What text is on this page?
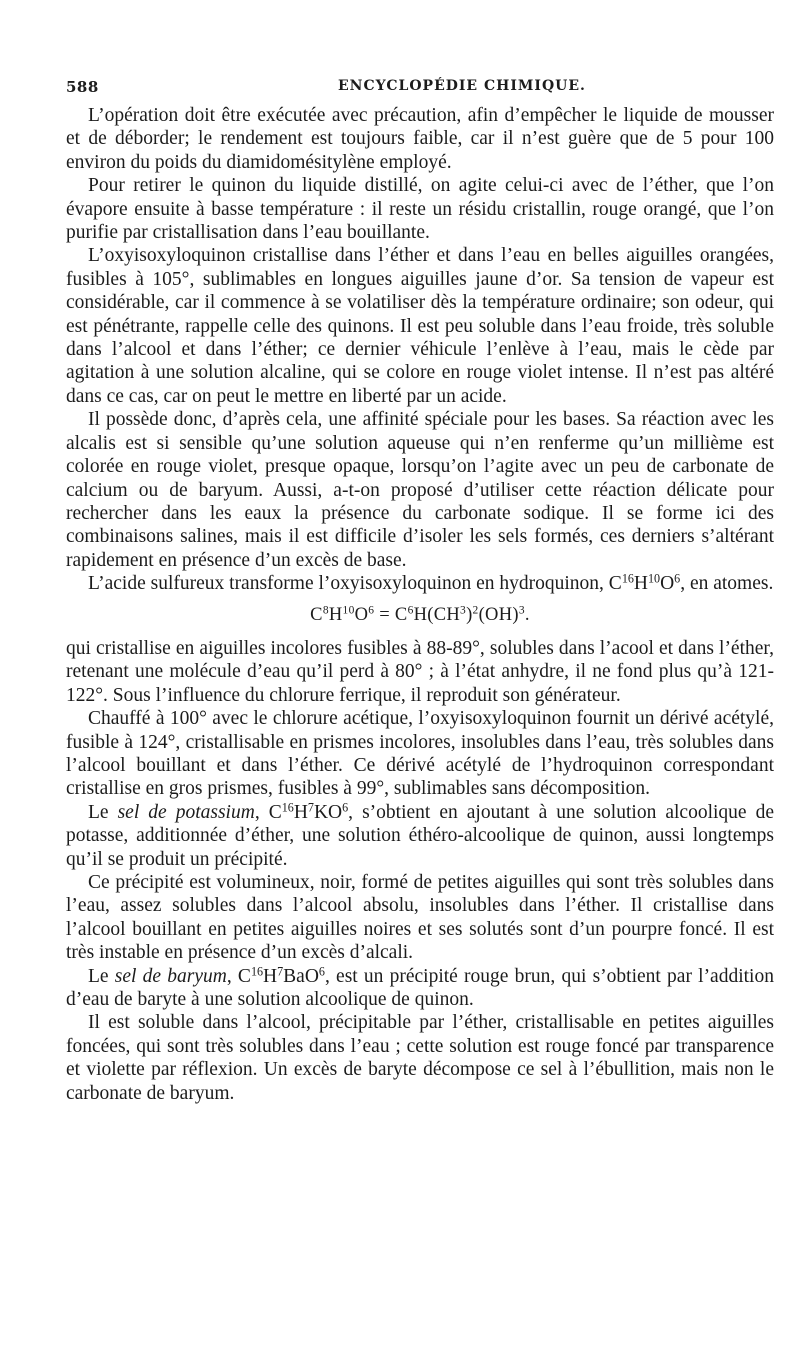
588	ENCYCLOPÉDIE CHIMIQUE.

L’opération doit être exécutée avec précaution, afin d’empêcher le liquide de mousser et de déborder; le rendement est toujours faible, car il n’est guère que de 5 pour 100 environ du poids du diamidomésitylène employé.

Pour retirer le quinon du liquide distillé, on agite celui-ci avec de l’éther, que l’on évapore ensuite à basse température : il reste un résidu cristallin, rouge orangé, que l’on purifie par cristallisation dans l’eau bouillante.

L’oxyisoxyloquinon cristallise dans l’éther et dans l’eau en belles aiguilles orangées, fusibles à 105°, sublimables en longues aiguilles jaune d’or. Sa tension de vapeur est considérable, car il commence à se volatiliser dès la température ordinaire; son odeur, qui est pénétrante, rappelle celle des quinons. Il est peu soluble dans l’eau froide, très soluble dans l’alcool et dans l’éther; ce dernier véhicule l’enlève à l’eau, mais le cède par agitation à une solution alcaline, qui se colore en rouge violet intense. Il n’est pas altéré dans ce cas, car on peut le mettre en liberté par un acide.

Il possède donc, d’après cela, une affinité spéciale pour les bases. Sa réaction avec les alcalis est si sensible qu’une solution aqueuse qui n’en renferme qu’un millième est colorée en rouge violet, presque opaque, lorsqu’on l’agite avec un peu de carbonate de calcium ou de baryum. Aussi, a-t-on proposé d’utiliser cette réaction délicate pour rechercher dans les eaux la présence du carbonate sodique. Il se forme ici des combinaisons salines, mais il est difficile d’isoler les sels formés, ces derniers s’altérant rapidement en présence d’un excès de base.

L’acide sulfureux transforme l’oxyisoxyloquinon en hydroquinon, $C^{16}H^{10}O^6$, en atomes.

$C^8H^{10}O^6 = C^6H(CH^3)^2(OH)^3$.

qui cristallise en aiguilles incolores fusibles à 88-89°, solubles dans l’acool et dans l’éther, retenant une molécule d’eau qu’il perd à 80° ; à l’état anhydre, il ne fond plus qu’à 121-122°. Sous l’influence du chlorure ferrique, il reproduit son générateur.

Chauffé à 100° avec le chlorure acétique, l’oxyisoxyloquinon fournit un dérivé acétylé, fusible à 124°, cristallisable en prismes incolores, insolubles dans l’eau, très solubles dans l’alcool bouillant et dans l’éther. Ce dérivé acétylé de l’hydroquinon correspondant cristallise en gros prismes, fusibles à 99°, sublimables sans décomposition.

Le sel de potassium, $C^{16}H^7KO^6$, s’obtient en ajoutant à une solution alcoolique de potasse, additionnée d’éther, une solution éthéro-alcoolique de quinon, aussi longtemps qu’il se produit un précipité.

Ce précipité est volumineux, noir, formé de petites aiguilles qui sont très solubles dans l’eau, assez solubles dans l’alcool absolu, insolubles dans l’éther. Il cristallise dans l’alcool bouillant en petites aiguilles noires et ses solutés sont d’un pourpre foncé. Il est très instable en présence d’un excès d’alcali.

Le sel de baryum, $C^{16}H^7BaO^6$, est un précipité rouge brun, qui s’obtient par l’addition d’eau de baryte à une solution alcoolique de quinon.

Il est soluble dans l’alcool, précipitable par l’éther, cristallisable en petites aiguilles foncées, qui sont très solubles dans l’eau ; cette solution est rouge foncé par transparence et violette par réflexion. Un excès de baryte décompose ce sel à l’ébullition, mais non le carbonate de baryum.
